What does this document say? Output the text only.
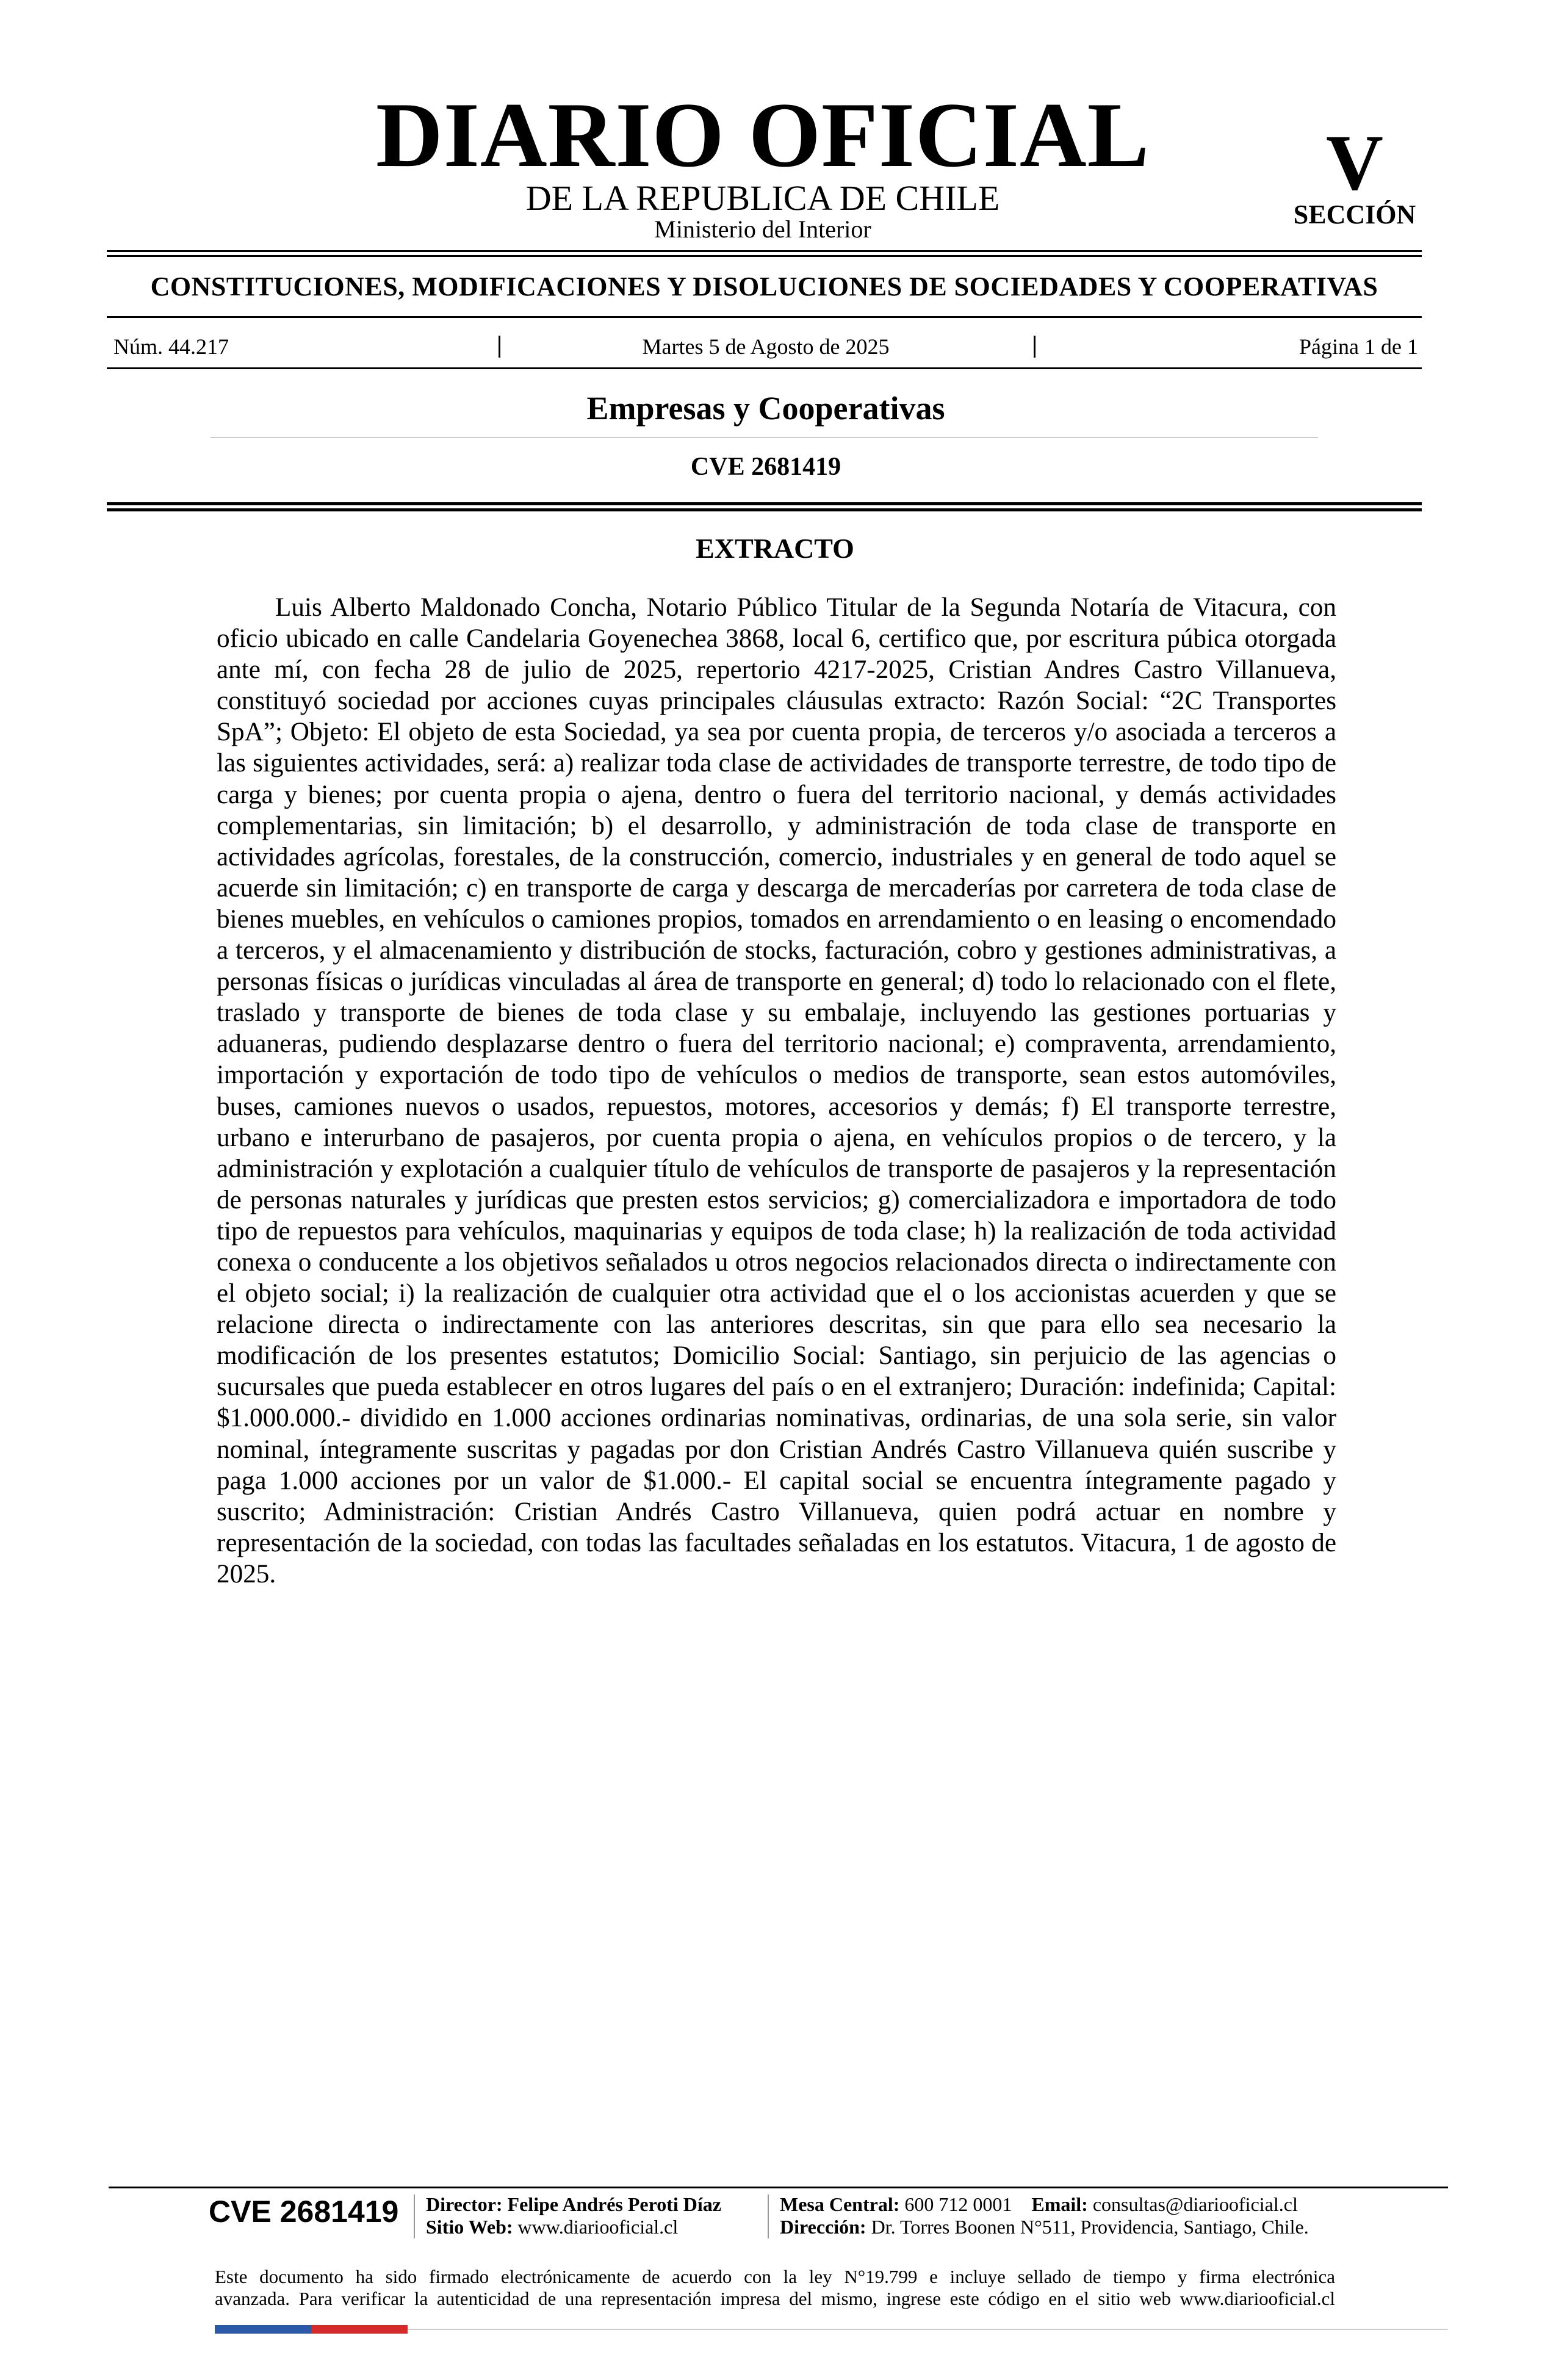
DIARIO OFICIAL
DE LA REPUBLICA DE CHILE
Ministerio del Interior
V
SECCIÓN
CONSTITUCIONES, MODIFICACIONES Y DISOLUCIONES DE SOCIEDADES Y COOPERATIVAS
Núm. 44.217	Martes 5 de Agosto de 2025	Página 1 de 1
Empresas y Cooperativas
CVE 2681419
EXTRACTO

Luis Alberto Maldonado Concha, Notario Público Titular de la Segunda Notaría de Vitacura, con oficio ubicado en calle Candelaria Goyenechea 3868, local 6, certifico que, por escritura púbica otorgada ante mí, con fecha 28 de julio de 2025, repertorio 4217-2025, Cristian Andres Castro Villanueva, constituyó sociedad por acciones cuyas principales cláusulas extracto: Razón Social: “2C Transportes SpA”; Objeto: El objeto de esta Sociedad, ya sea por cuenta propia, de terceros y/o asociada a terceros a las siguientes actividades, será: a) realizar toda clase de actividades de transporte terrestre, de todo tipo de carga y bienes; por cuenta propia o ajena, dentro o fuera del territorio nacional, y demás actividades complementarias, sin limitación; b) el desarrollo, y administración de toda clase de transporte en actividades agrícolas, forestales, de la construcción, comercio, industriales y en general de todo aquel se acuerde sin limitación; c) en transporte de carga y descarga de mercaderías por carretera de toda clase de bienes muebles, en vehículos o camiones propios, tomados en arrendamiento o en leasing o encomendado a terceros, y el almacenamiento y distribución de stocks, facturación, cobro y gestiones administrativas, a personas físicas o jurídicas vinculadas al área de transporte en general; d) todo lo relacionado con el flete, traslado y transporte de bienes de toda clase y su embalaje, incluyendo las gestiones portuarias y aduaneras, pudiendo desplazarse dentro o fuera del territorio nacional; e) compraventa, arrendamiento, importación y exportación de todo tipo de vehículos o medios de transporte, sean estos automóviles, buses, camiones nuevos o usados, repuestos, motores, accesorios y demás; f) El transporte terrestre, urbano e interurbano de pasajeros, por cuenta propia o ajena, en vehículos propios o de tercero, y la administración y explotación a cualquier título de vehículos de transporte de pasajeros y la representación de personas naturales y jurídicas que presten estos servicios; g) comercializadora e importadora de todo tipo de repuestos para vehículos, maquinarias y equipos de toda clase; h) la realización de toda actividad conexa o conducente a los objetivos señalados u otros negocios relacionados directa o indirectamente con el objeto social; i) la realización de cualquier otra actividad que el o los accionistas acuerden y que se relacione directa o indirectamente con las anteriores descritas, sin que para ello sea necesario la modificación de los presentes estatutos; Domicilio Social: Santiago, sin perjuicio de las agencias o sucursales que pueda establecer en otros lugares del país o en el extranjero; Duración: indefinida; Capital: $1.000.000.- dividido en 1.000 acciones ordinarias nominativas, ordinarias, de una sola serie, sin valor nominal, íntegramente suscritas y pagadas por don Cristian Andrés Castro Villanueva quién suscribe y paga 1.000 acciones por un valor de $1.000.- El capital social se encuentra íntegramente pagado y suscrito; Administración: Cristian Andrés Castro Villanueva, quien podrá actuar en nombre y representación de la sociedad, con todas las facultades señaladas en los estatutos. Vitacura, 1 de agosto de 2025.

CVE 2681419 Director: Felipe Andrés Peroti Díaz
Sitio Web: www.diariooficial.cl
Mesa Central: 600 712 0001 Email: consultas@diariooficial.cl
Dirección: Dr. Torres Boonen N°511, Providencia, Santiago, Chile.
Este documento ha sido firmado electrónicamente de acuerdo con la ley N°19.799 e incluye sellado de tiempo y firma electrónica
avanzada. Para verificar la autenticidad de una representación impresa del mismo, ingrese este código en el sitio web www.diariooficial.cl
